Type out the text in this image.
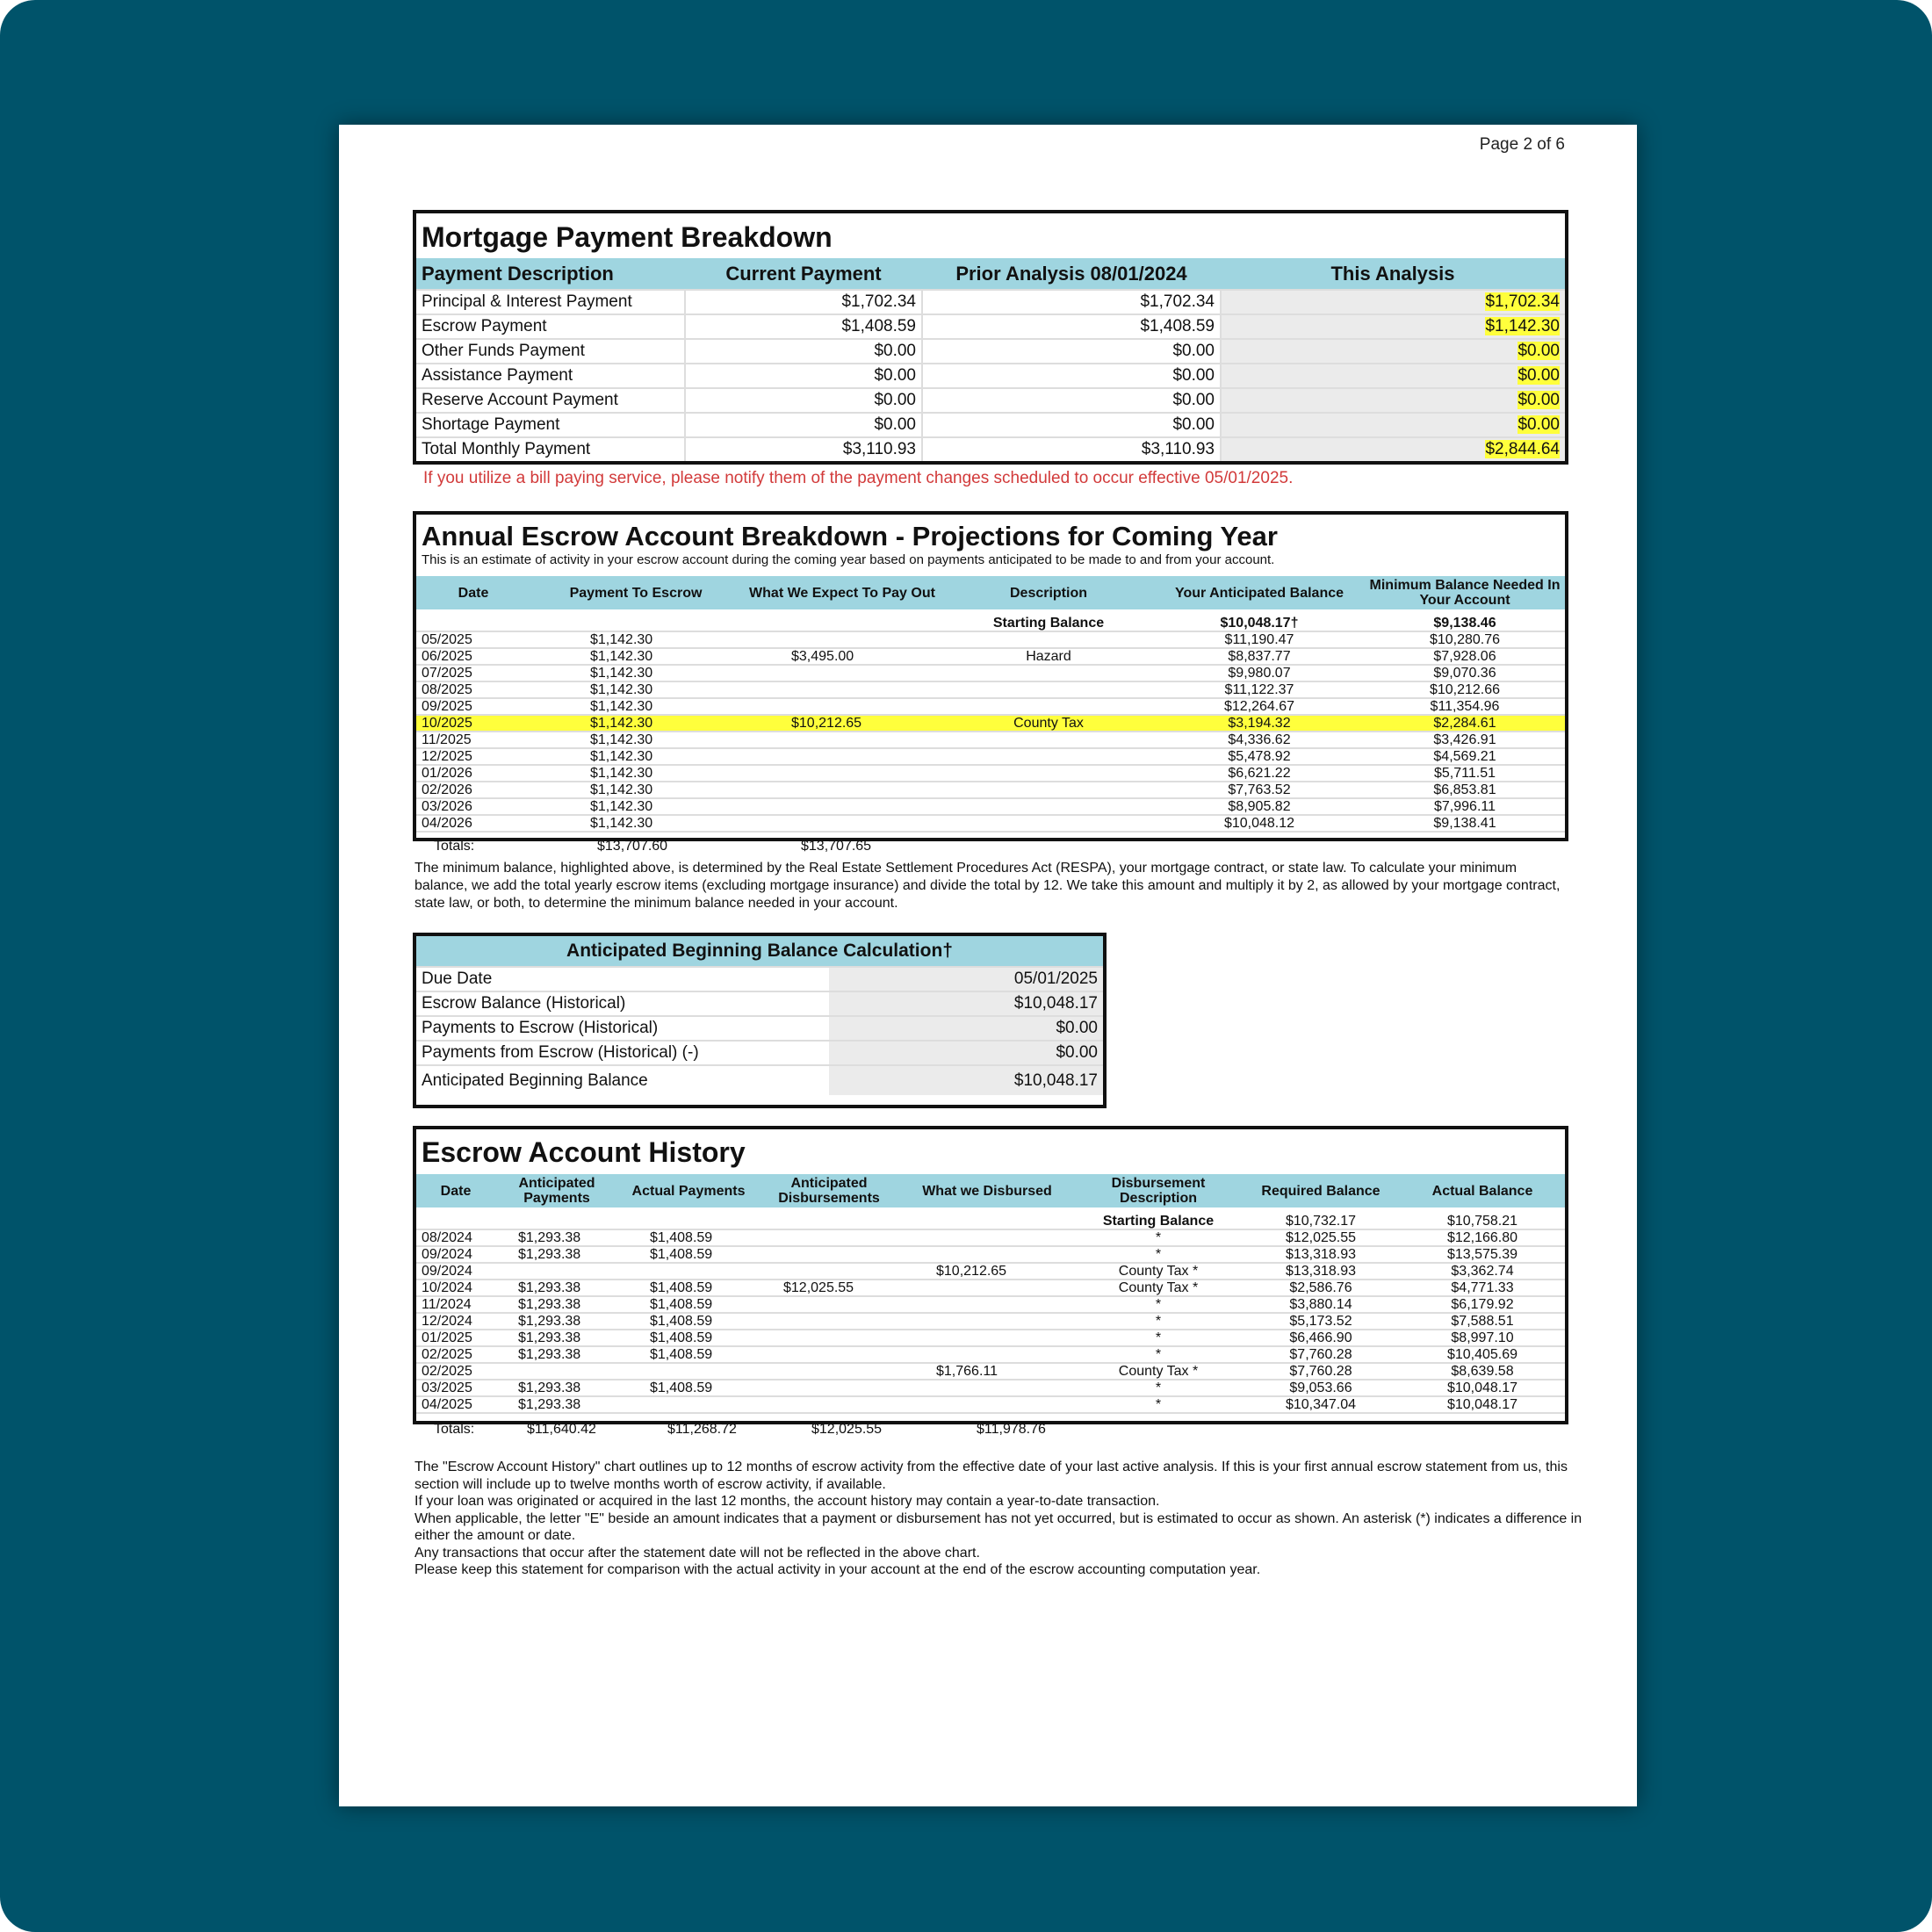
Page 2 of 6
Mortgage Payment Breakdown
Payment Description	Current Payment	Prior Analysis 08/01/2024	This Analysis
Principal & Interest Payment	$1,702.34	$1,702.34	$1,702.34
Escrow Payment	$1,408.59	$1,408.59	$1,142.30
Other Funds Payment	$0.00	$0.00	$0.00
Assistance Payment	$0.00	$0.00	$0.00
Reserve Account Payment	$0.00	$0.00	$0.00
Shortage Payment	$0.00	$0.00	$0.00
Total Monthly Payment	$3,110.93	$3,110.93	$2,844.64
If you utilize a bill paying service, please notify them of the payment changes scheduled to occur effective 05/01/2025.
Annual Escrow Account Breakdown - Projections for Coming Year
This is an estimate of activity in your escrow account during the coming year based on payments anticipated to be made to and from your account.
Date	Payment To Escrow	What We Expect To Pay Out	Description	Your Anticipated Balance	Minimum Balance Needed In Your Account
			Starting Balance	$10,048.17†	$9,138.46
05/2025	$1,142.30			$11,190.47	$10,280.76
06/2025	$1,142.30	$3,495.00	Hazard	$8,837.77	$7,928.06
07/2025	$1,142.30			$9,980.07	$9,070.36
08/2025	$1,142.30			$11,122.37	$10,212.66
09/2025	$1,142.30			$12,264.67	$11,354.96
10/2025	$1,142.30	$10,212.65	County Tax	$3,194.32	$2,284.61
11/2025	$1,142.30			$4,336.62	$3,426.91
12/2025	$1,142.30			$5,478.92	$4,569.21
01/2026	$1,142.30			$6,621.22	$5,711.51
02/2026	$1,142.30			$7,763.52	$6,853.81
03/2026	$1,142.30			$8,905.82	$7,996.11
04/2026	$1,142.30			$10,048.12	$9,138.41
Totals:	$13,707.60	$13,707.65
The minimum balance, highlighted above, is determined by the Real Estate Settlement Procedures Act (RESPA), your mortgage contract, or state law. To calculate your minimum balance, we add the total yearly escrow items (excluding mortgage insurance) and divide the total by 12. We take this amount and multiply it by 2, as allowed by your mortgage contract, state law, or both, to determine the minimum balance needed in your account.
Anticipated Beginning Balance Calculation†	
Due Date	05/01/2025
Escrow Balance (Historical)	$10,048.17
Payments to Escrow (Historical)	$0.00
Payments from Escrow (Historical) (-)	$0.00
Anticipated Beginning Balance	$10,048.17
Escrow Account History
Date	Anticipated Payments	Actual Payments	Anticipated Disbursements	What we Disbursed	Disbursement Description	Required Balance	Actual Balance
					Starting Balance	$10,732.17	$10,758.21
08/2024	$1,293.38	$1,408.59			*	$12,025.55	$12,166.80
09/2024	$1,293.38	$1,408.59			*	$13,318.93	$13,575.39
09/2024				$10,212.65	County Tax *	$13,318.93	$3,362.74
10/2024	$1,293.38	$1,408.59	$12,025.55		County Tax *	$2,586.76	$4,771.33
11/2024	$1,293.38	$1,408.59			*	$3,880.14	$6,179.92
12/2024	$1,293.38	$1,408.59			*	$5,173.52	$7,588.51
01/2025	$1,293.38	$1,408.59			*	$6,466.90	$8,997.10
02/2025	$1,293.38	$1,408.59			*	$7,760.28	$10,405.69
02/2025				$1,766.11	County Tax *	$7,760.28	$8,639.58
03/2025	$1,293.38	$1,408.59			*	$9,053.66	$10,048.17
04/2025	$1,293.38				*	$10,347.04	$10,048.17
Totals:	$11,640.42	$11,268.72	$12,025.55	$11,978.76
The "Escrow Account History" chart outlines up to 12 months of escrow activity from the effective date of your last active analysis. If this is your first annual escrow statement from us, this section will include up to twelve months worth of escrow activity, if available.
If your loan was originated or acquired in the last 12 months, the account history may contain a year-to-date transaction.
When applicable, the letter "E" beside an amount indicates that a payment or disbursement has not yet occurred, but is estimated to occur as shown. An asterisk (*) indicates a difference in either the amount or date.
Any transactions that occur after the statement date will not be reflected in the above chart.
Please keep this statement for comparison with the actual activity in your account at the end of the escrow accounting computation year.
